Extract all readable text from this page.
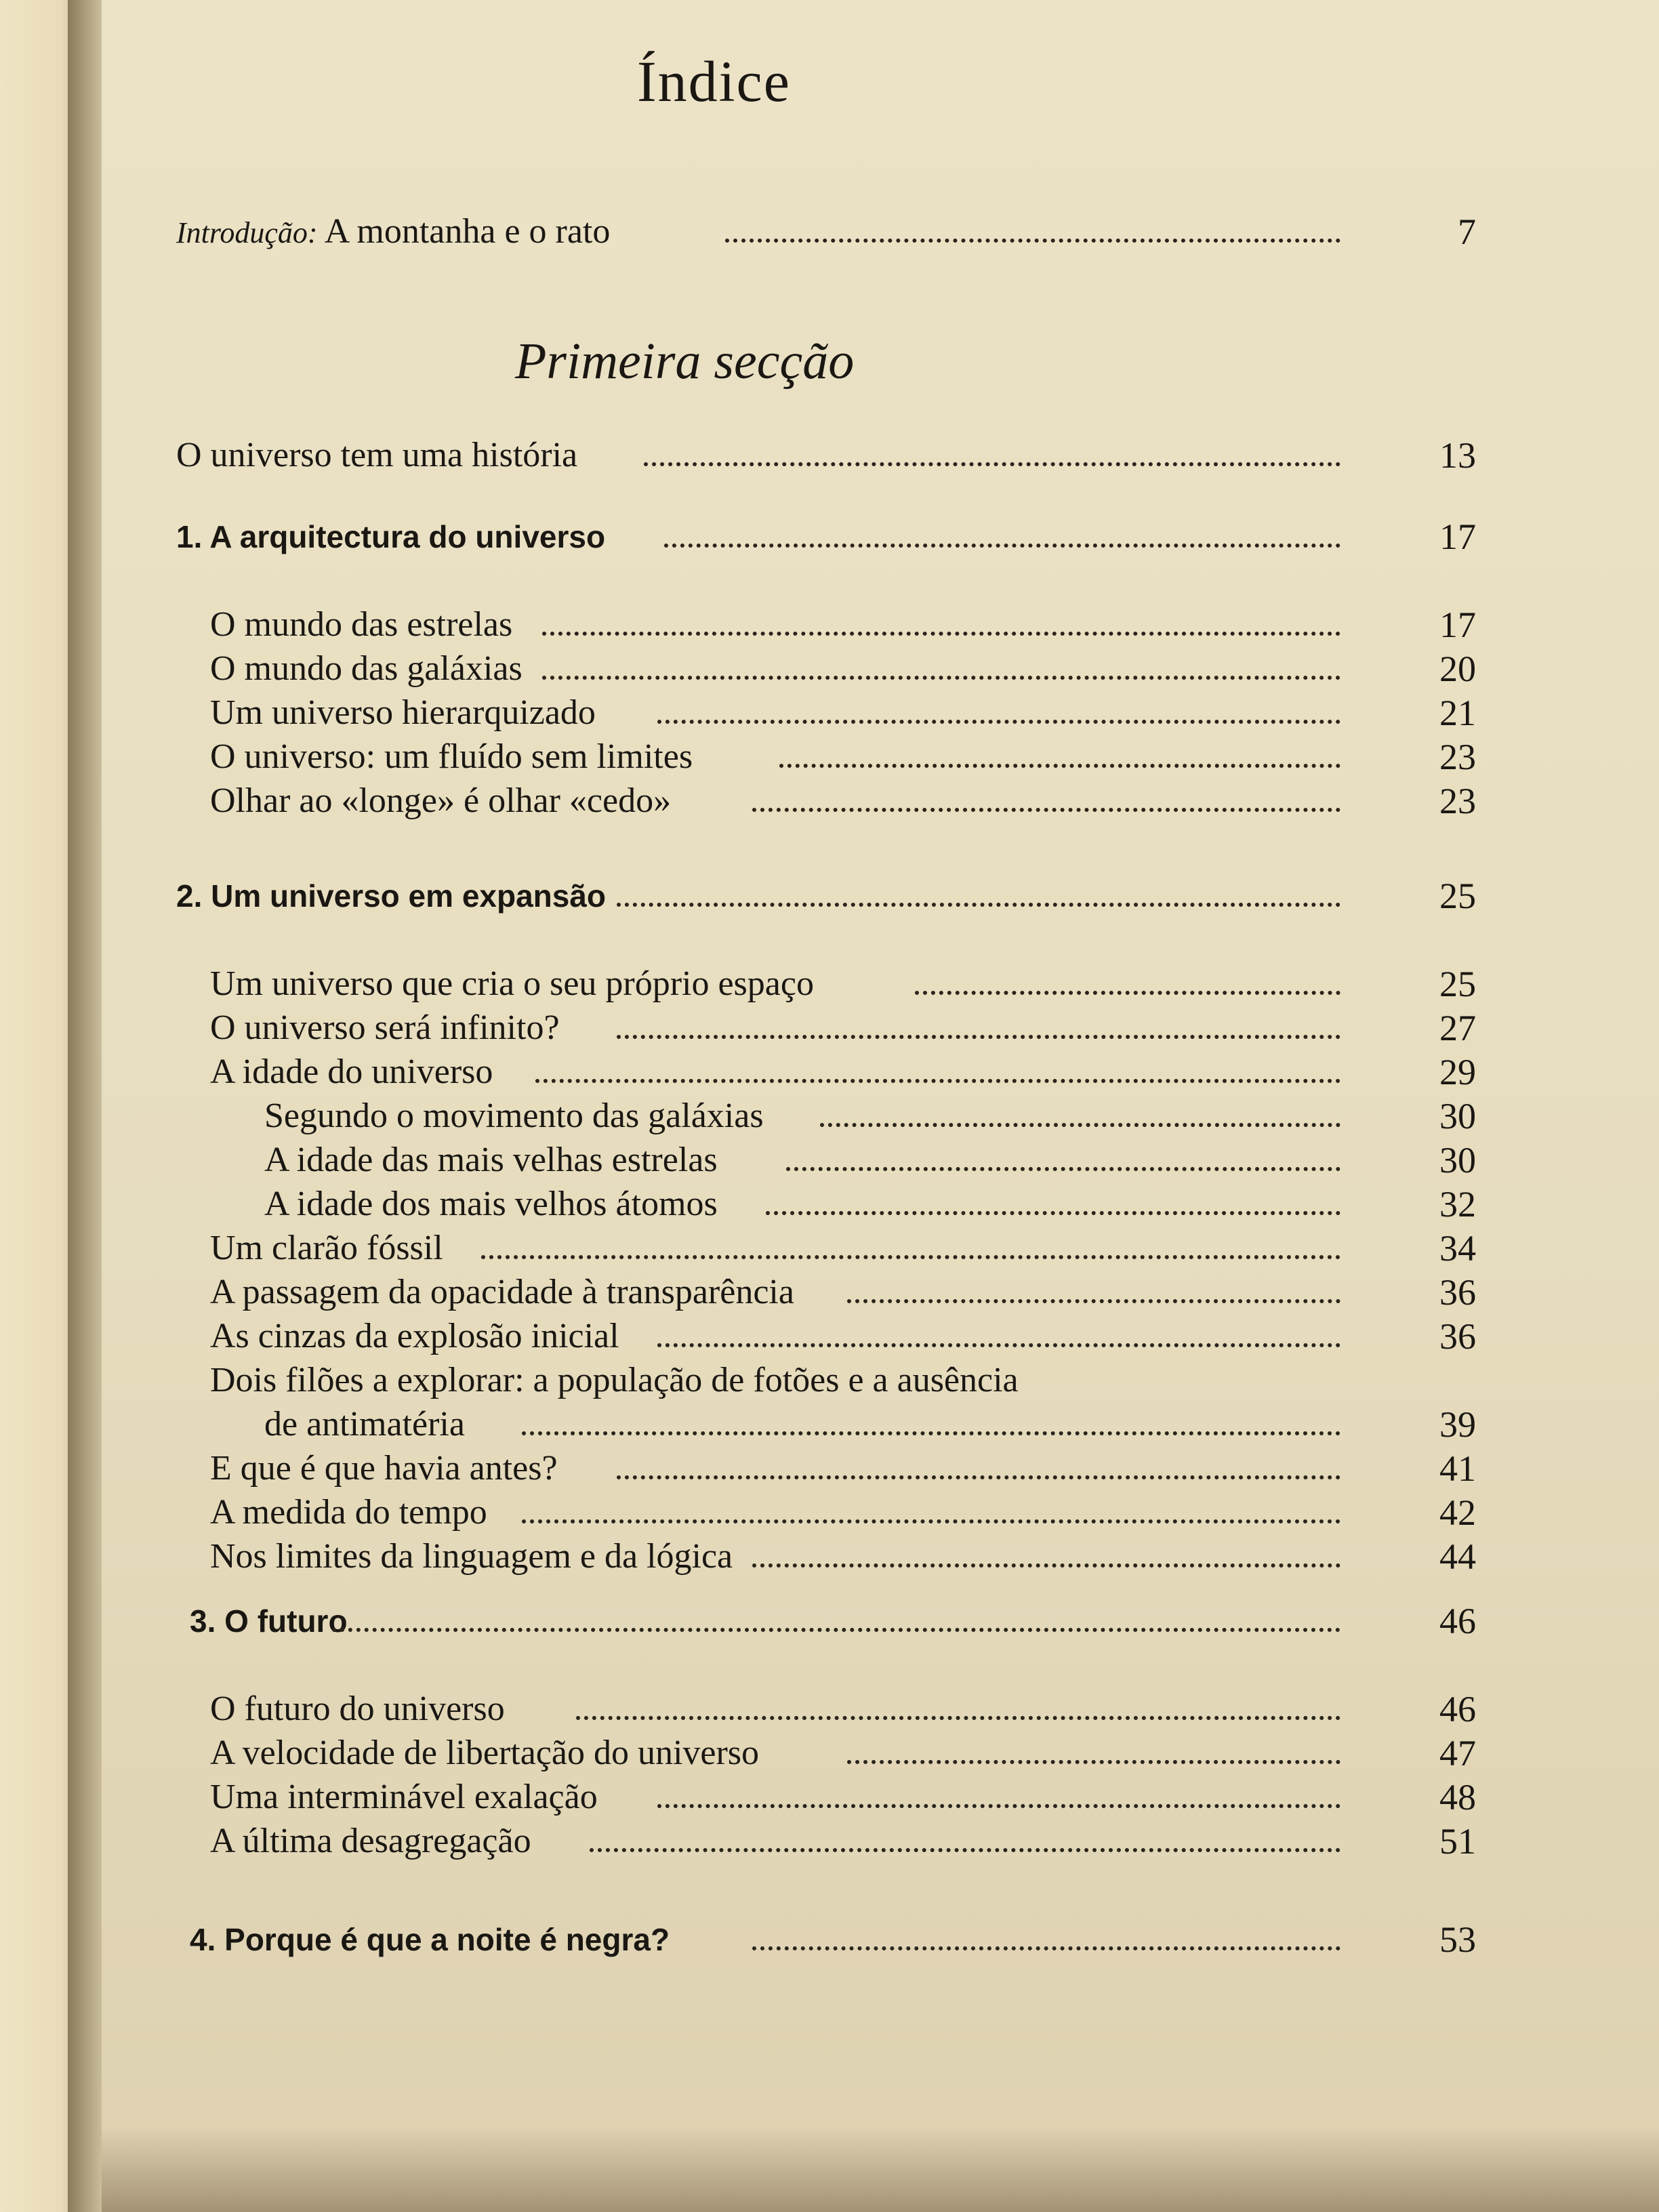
Índice
Introdução: A montanha e o rato	7
Primeira secção
O universo tem uma história	13
1. A arquitectura do universo	17
O mundo das estrelas	17
O mundo das galáxias	20
Um universo hierarquizado	21
O universo: um fluído sem limites	23
Olhar ao «longe» é olhar «cedo»	23
2. Um universo em expansão	25
Um universo que cria o seu próprio espaço	25
O universo será infinito?	27
A idade do universo	29
Segundo o movimento das galáxias	30
A idade das mais velhas estrelas	30
A idade dos mais velhos átomos	32
Um clarão fóssil	34
A passagem da opacidade à transparência	36
As cinzas da explosão inicial	36
Dois filões a explorar: a população de fotões e a ausência
de antimatéria	39
E que é que havia antes?	41
A medida do tempo	42
Nos limites da linguagem e da lógica	44
3. O futuro	46
O futuro do universo	46
A velocidade de libertação do universo	47
Uma interminável exalação	48
A última desagregação	51
4. Porque é que a noite é negra?	53
